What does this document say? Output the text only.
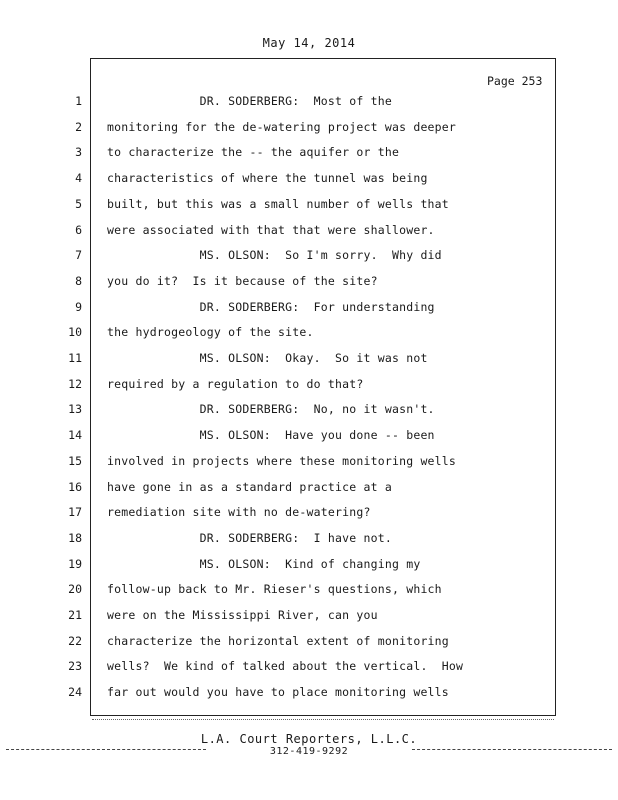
May 14, 2014
Page 253
1 DR. SODERBERG:  Most of the
2 monitoring for the de-watering project was deeper
3 to characterize the -- the aquifer or the
4 characteristics of where the tunnel was being
5 built, but this was a small number of wells that
6 were associated with that that were shallower.
7 MS. OLSON:  So I'm sorry.  Why did
8 you do it?  Is it because of the site?
9 DR. SODERBERG:  For understanding
10 the hydrogeology of the site.
11 MS. OLSON:  Okay.  So it was not
12 required by a regulation to do that?
13 DR. SODERBERG:  No, no it wasn't.
14 MS. OLSON:  Have you done -- been
15 involved in projects where these monitoring wells
16 have gone in as a standard practice at a
17 remediation site with no de-watering?
18 DR. SODERBERG:  I have not.
19 MS. OLSON:  Kind of changing my
20 follow-up back to Mr. Rieser's questions, which
21 were on the Mississippi River, can you
22 characterize the horizontal extent of monitoring
23 wells?  We kind of talked about the vertical.  How
24 far out would you have to place monitoring wells
L.A. Court Reporters, L.L.C.
312-419-9292
